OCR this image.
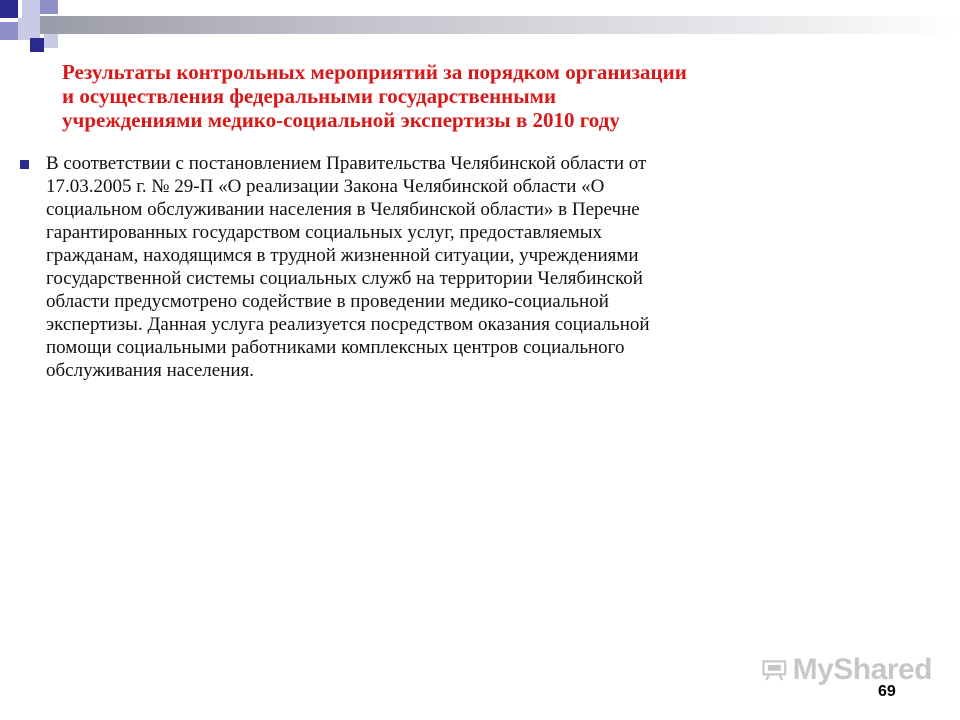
Результаты контрольных мероприятий за порядком организации
и осуществления федеральными государственными
учреждениями медико-социальной экспертизы в 2010 году
В соответствии с постановлением Правительства Челябинской области от
17.03.2005 г. № 29-П «О реализации Закона Челябинской области «О
социальном обслуживании населения в Челябинской области» в Перечне
гарантированных государством социальных услуг, предоставляемых
гражданам, находящимся в трудной жизненной ситуации, учреждениями
государственной системы социальных служб на территории Челябинской
области предусмотрено содействие в проведении медико-социальной
экспертизы. Данная услуга реализуется посредством оказания социальной
помощи социальными работниками комплексных центров социального
обслуживания населения.
MyShared
69
